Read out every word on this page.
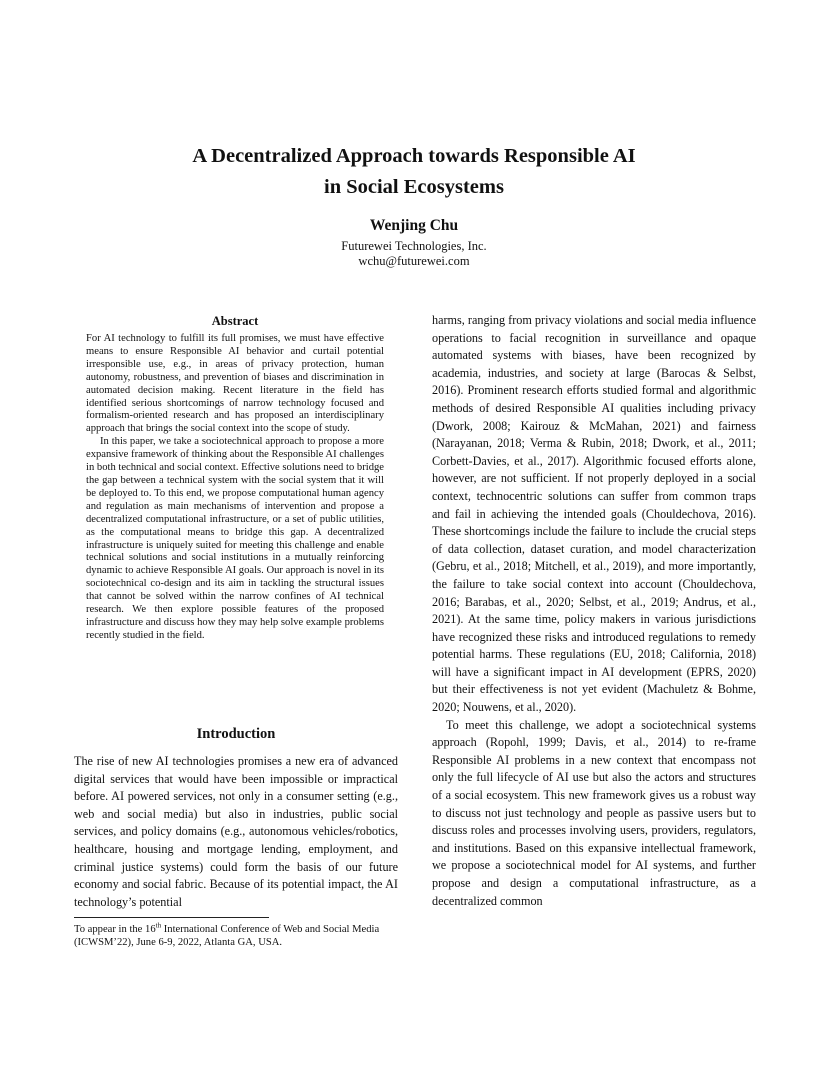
A Decentralized Approach towards Responsible AI
in Social Ecosystems
Wenjing Chu
Futurewei Technologies, Inc.
wchu@futurewei.com
Abstract

For AI technology to fulfill its full promises, we must have effective means to ensure Responsible AI behavior and curtail potential irresponsible use, e.g., in areas of privacy protection, human autonomy, robustness, and prevention of biases and discrimination in automated decision making. Recent literature in the field has identified serious shortcomings of narrow technology focused and formalism-oriented research and has proposed an interdisciplinary approach that brings the social context into the scope of study.

In this paper, we take a sociotechnical approach to propose a more expansive framework of thinking about the Responsible AI challenges in both technical and social context. Effective solutions need to bridge the gap between a technical system with the social system that it will be deployed to. To this end, we propose computational human agency and regulation as main mechanisms of intervention and propose a decentralized computational infrastructure, or a set of public utilities, as the computational means to bridge this gap. A decentralized infrastructure is uniquely suited for meeting this challenge and enable technical solutions and social institutions in a mutually reinforcing dynamic to achieve Responsible AI goals. Our approach is novel in its sociotechnical co-design and its aim in tackling the structural issues that cannot be solved within the narrow confines of AI technical research. We then explore possible features of the proposed infrastructure and discuss how they may help solve example problems recently studied in the field.

Introduction

The rise of new AI technologies promises a new era of advanced digital services that would have been impossible or impractical before. AI powered services, not only in a consumer setting (e.g., web and social media) but also in industries, public social services, and policy domains (e.g., autonomous vehicles/robotics, healthcare, housing and mortgage lending, employment, and criminal justice systems) could form the basis of our future economy and social fabric. Because of its potential impact, the AI technology’s potential

harms, ranging from privacy violations and social media influence operations to facial recognition in surveillance and opaque automated systems with biases, have been recognized by academia, industries, and society at large (Barocas & Selbst, 2016). Prominent research efforts studied formal and algorithmic methods of desired Responsible AI qualities including privacy (Dwork, 2008; Kairouz & McMahan, 2021) and fairness (Narayanan, 2018; Verma & Rubin, 2018; Dwork, et al., 2011; Corbett-Davies, et al., 2017). Algorithmic focused efforts alone, however, are not sufficient. If not properly deployed in a social context, technocentric solutions can suffer from common traps and fail in achieving the intended goals (Chouldechova, 2016). These shortcomings include the failure to include the crucial steps of data collection, dataset curation, and model characterization (Gebru, et al., 2018; Mitchell, et al., 2019), and more importantly, the failure to take social context into account (Chouldechova, 2016; Barabas, et al., 2020; Selbst, et al., 2019; Andrus, et al., 2021). At the same time, policy makers in various jurisdictions have recognized these risks and introduced regulations to remedy potential harms. These regulations (EU, 2018; California, 2018) will have a significant impact in AI development (EPRS, 2020) but their effectiveness is not yet evident (Machuletz & Bohme, 2020; Nouwens, et al., 2020).

To meet this challenge, we adopt a sociotechnical systems approach (Ropohl, 1999; Davis, et al., 2014) to re-frame Responsible AI problems in a new context that encompass not only the full lifecycle of AI use but also the actors and structures of a social ecosystem. This new framework gives us a robust way to discuss not just technology and people as passive users but to discuss roles and processes involving users, providers, regulators, and institutions. Based on this expansive intellectual framework, we propose a sociotechnical model for AI systems, and further propose and design a computational infrastructure, as a decentralized common

To appear in the 16th International Conference of Web and Social Media (ICWSM’22), June 6-9, 2022, Atlanta GA, USA.
